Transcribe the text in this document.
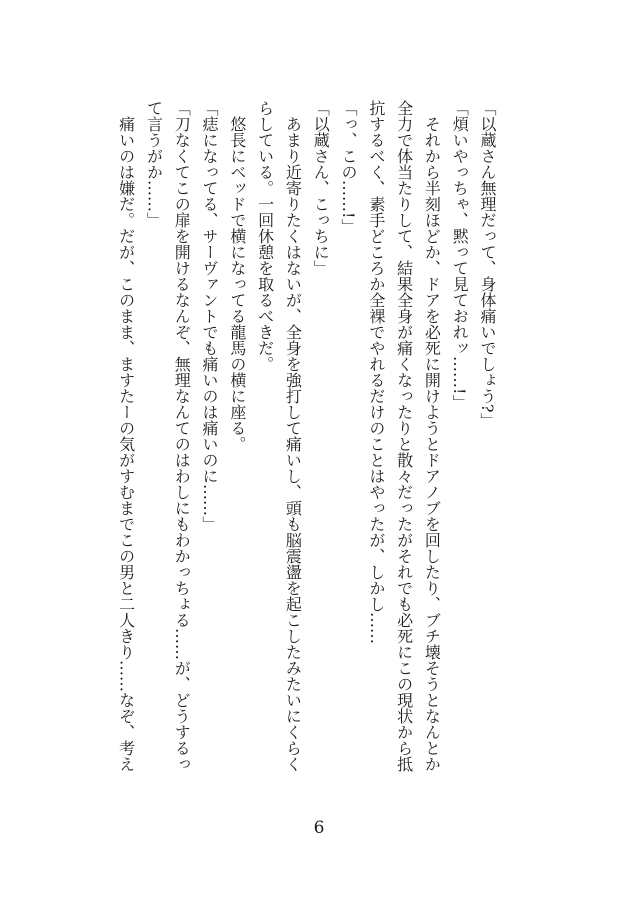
「以蔵さん無理だって、身体痛いでしょう?」
「煩いやっちゃ、黙って見ておれッ……!」
それから半刻ほどか、ドアを必死に開けようとドアノブを回したり、ブチ壊そうとなんとか
全力で体当たりして、結果全身が痛くなったりと散々だったがそれでも必死にこの現状から抵
抗するべく、素手どころか全裸でやれるだけのことはやったが、しかし……
「っ、この……!」
「以蔵さん、こっちに」
あまり近寄りたくはないが、全身を強打して痛いし、頭も脳震盪を起こしたみたいにくらく
らしている。一回休憩を取るべきだ。
悠長にベッドで横になってる龍馬の横に座る。
「痣になってる、サーヴァントでも痛いのは痛いのに……」
「刀なくてこの扉を開けるなんぞ、無理なんてのはわしにもわかっちょる……が、どうするっ
て言うがか……」
痛いのは嫌だ。だが、このまま、ますたーの気がすむまでこの男と二人きり……なぞ、考え
6
